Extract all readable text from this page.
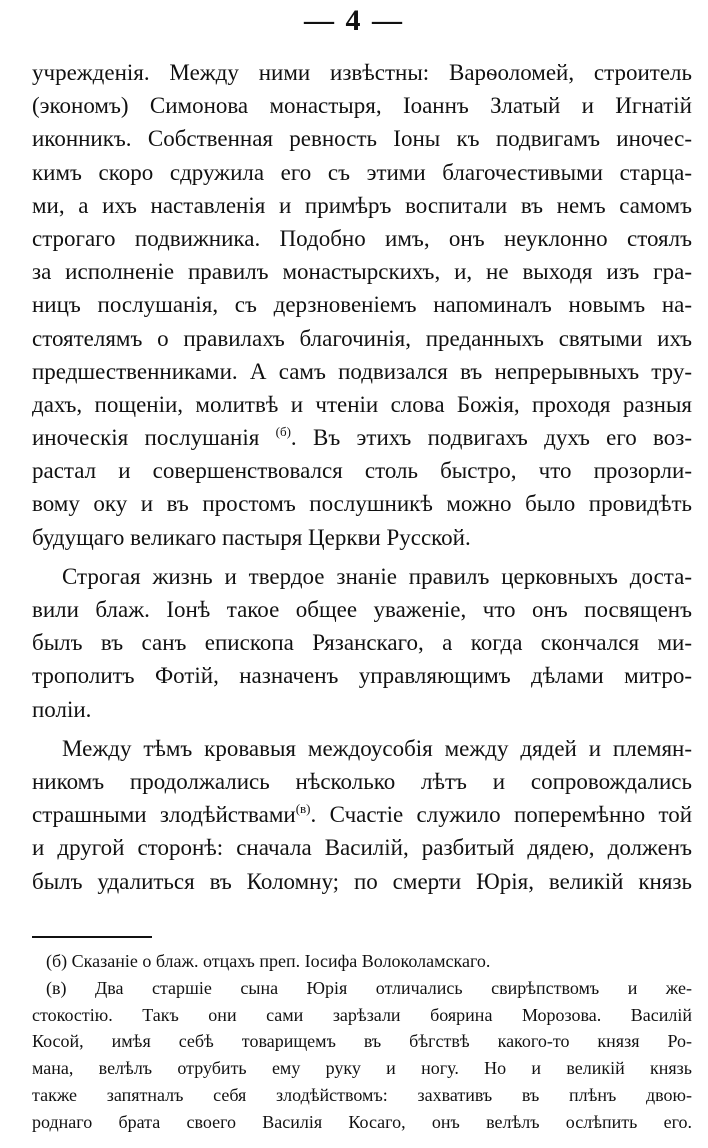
— 4 —
учрежденія. Между ними извѣстны: Варѳоломей, строитель
(экономъ) Симонова монастыря, Іоаннъ Златый и Игнатій
иконникъ. Собственная ревность Іоны къ подвигамъ иночес-
кимъ скоро сдружила его съ этими благочестивыми старца-
ми, а ихъ наставленія и примѣръ воспитали въ немъ самомъ
строгаго подвижника. Подобно имъ, онъ неуклонно стоялъ
за исполненіе правилъ монастырскихъ, и, не выходя изъ гра-
ницъ послушанія, съ дерзновеніемъ напоминалъ новымъ на-
стоятелямъ о правилахъ благочинія, преданныхъ святыми ихъ
предшественниками. А самъ подвизался въ непрерывныхъ тру-
дахъ, пощеніи, молитвѣ и чтеніи слова Божія, проходя разныя
иноческія послушанія $^{(б)}$. Въ этихъ подвигахъ духъ его воз-
растал и совершенствовался столь быстро, что прозорли-
вому оку и въ простомъ послушникѣ можно было провидѣть
будущаго великаго пастыря Церкви Русской.
Строгая жизнь и твердое знаніе правилъ церковныхъ доста-
вили блаж. Іонѣ такое общее уваженіе, что онъ посвященъ
былъ въ санъ епископа Рязанскаго, а когда скончался ми-
трополитъ Фотій, назначенъ управляющимъ дѣлами митро-
поліи.
Между тѣмъ кровавыя междоусобія между дядей и племян-
никомъ продолжались нѣсколько лѣтъ и сопровождались
страшными злодѣйствами$^{(в)}$. Счастіе служило поперемѣнно той
и другой сторонѣ: сначала Василій, разбитый дядею, долженъ
былъ удалиться въ Коломну; по смерти Юрія, великій князь
(б) Сказаніе о блаж. отцахъ преп. Іосифа Волоколамскаго.
(в) Два старшіе сына Юрія отличались свирѣпствомъ и же-
стокостію. Такъ они сами зарѣзали боярина Морозова. Василій
Косой, имѣя себѣ товарищемъ въ бѣгствѣ какого-то князя Ро-
мана, велѣлъ отрубить ему руку и ногу. Но и великій князь
также запятналъ себя злодѣйствомъ: захвативъ въ плѣнъ двою-
роднаго брата своего Василія Косаго, онъ велѣлъ ослѣпить его.
